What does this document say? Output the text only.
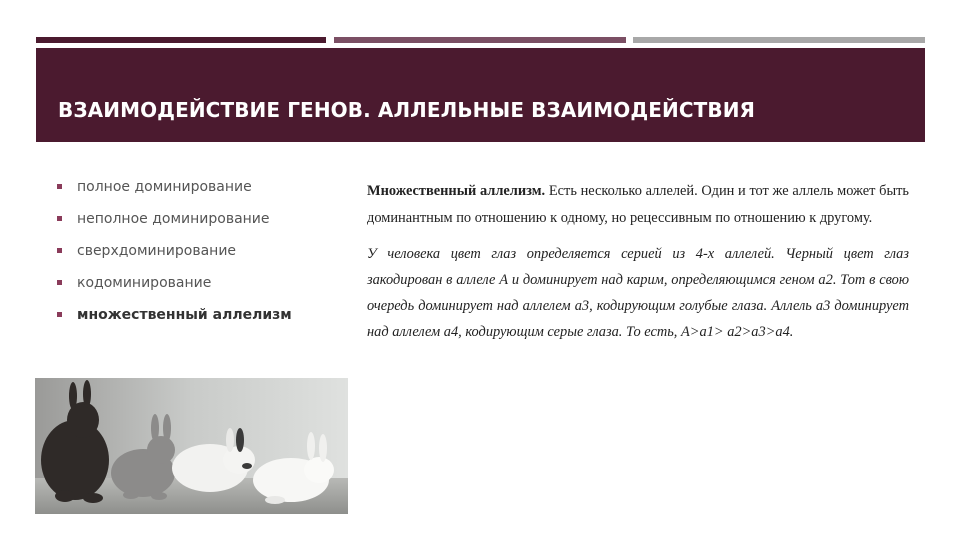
ВЗАИМОДЕЙСТВИЕ ГЕНОВ. АЛЛЕЛЬНЫЕ ВЗАИМОДЕЙСТВИЯ
полное доминирование
неполное доминирование
сверхдоминирование
кодоминирование
множественный аллелизм

Множественный аллелизм. Есть несколько аллелей. Один и тот же аллель может быть доминантным по отношению к одному, но рецессивным по отношению к другому.

У человека цвет глаз определяется серией из 4-х аллелей. Черный цвет глаз закодирован в аллеле А и доминирует над карим, определяющимся геном а2. Тот в свою очередь доминирует над аллелем а3, кодирующим голубые глаза. Аллель а3 доминирует над аллелем а4, кодирующим серые глаза. То есть, А>а1> а2>а3>а4.
